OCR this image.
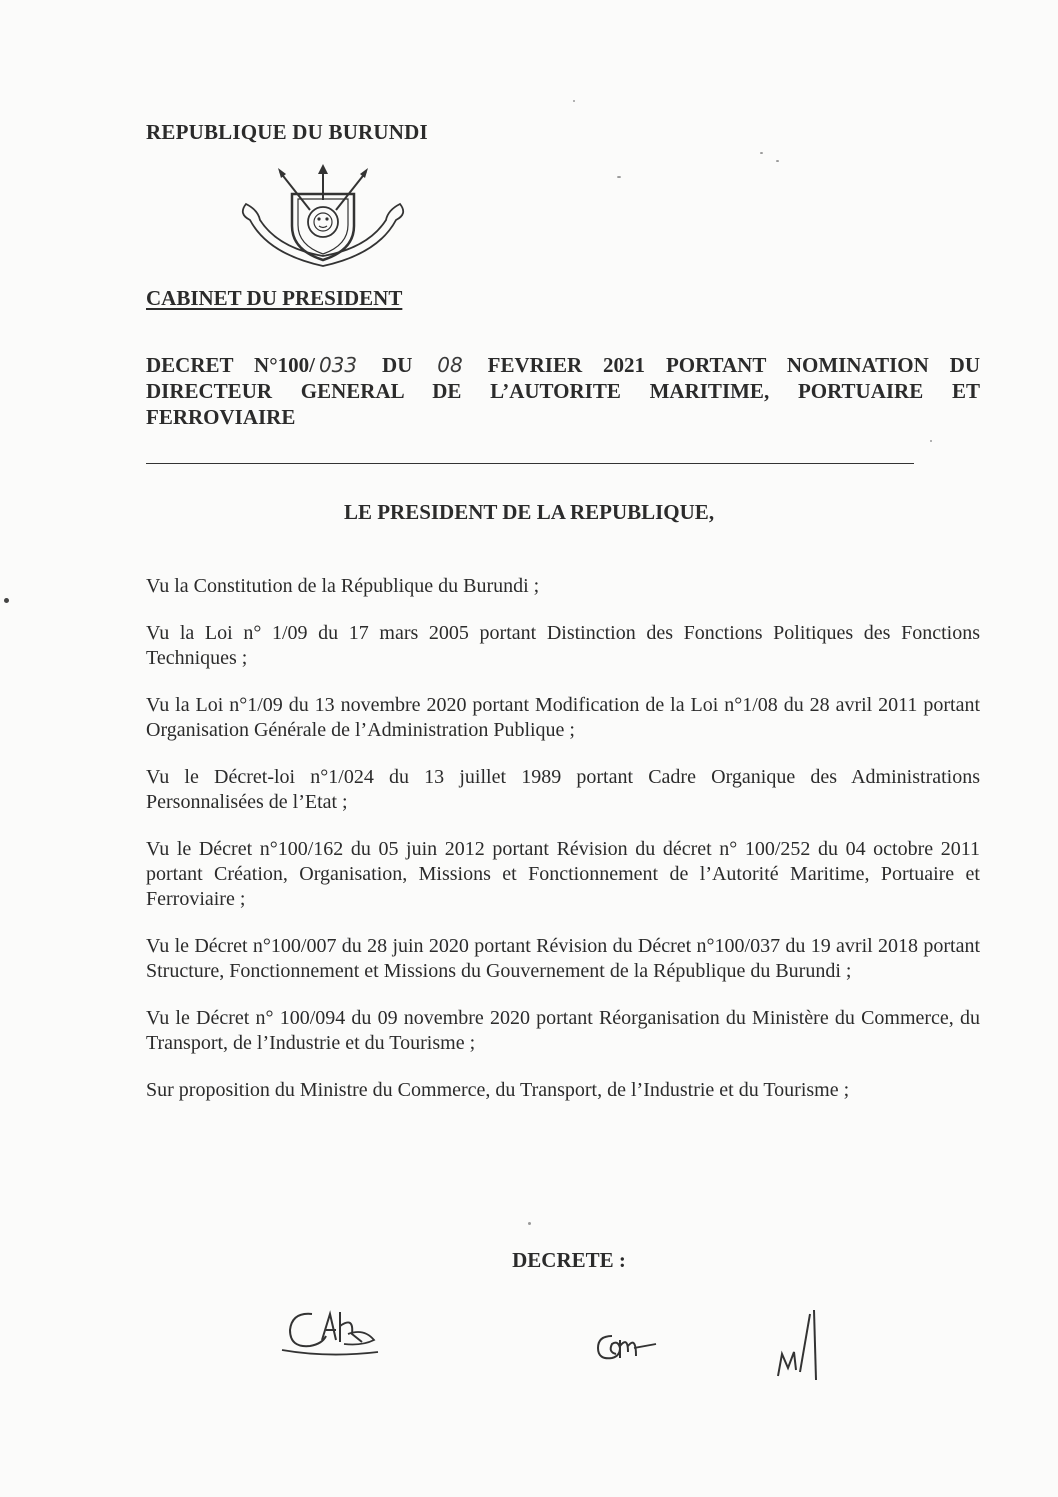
REPUBLIQUE DU BURUNDI
CABINET DU PRESIDENT
DECRET N°100/ 033 DU 08 FEVRIER 2021 PORTANT NOMINATION DU DIRECTEUR GENERAL DE L’AUTORITE MARITIME, PORTUAIRE ET FERROVIAIRE
LE PRESIDENT DE LA REPUBLIQUE,

Vu la Constitution de la République du Burundi ;

Vu la Loi n° 1/09 du 17 mars 2005 portant Distinction des Fonctions Politiques des Fonctions Techniques ;

Vu la Loi n°1/09 du 13 novembre 2020 portant Modification de la Loi n°1/08 du 28 avril 2011 portant Organisation Générale de l’Administration Publique ;

Vu le Décret-loi n°1/024 du 13 juillet 1989 portant Cadre Organique des Administrations Personnalisées de l’Etat ;

Vu le Décret n°100/162 du 05 juin 2012 portant Révision du décret n° 100/252 du 04 octobre 2011 portant Création, Organisation, Missions et Fonctionnement de l’Autorité Maritime, Portuaire et Ferroviaire ;

Vu le Décret n°100/007 du 28 juin 2020 portant Révision du Décret n°100/037 du 19 avril 2018 portant Structure, Fonctionnement et Missions du Gouvernement de la République du Burundi ;

Vu le Décret n° 100/094 du 09 novembre 2020 portant Réorganisation du Ministère du Commerce, du Transport, de l’Industrie et du Tourisme ;

Sur proposition du Ministre du Commerce, du Transport, de l’Industrie et du Tourisme ;

DECRETE :
